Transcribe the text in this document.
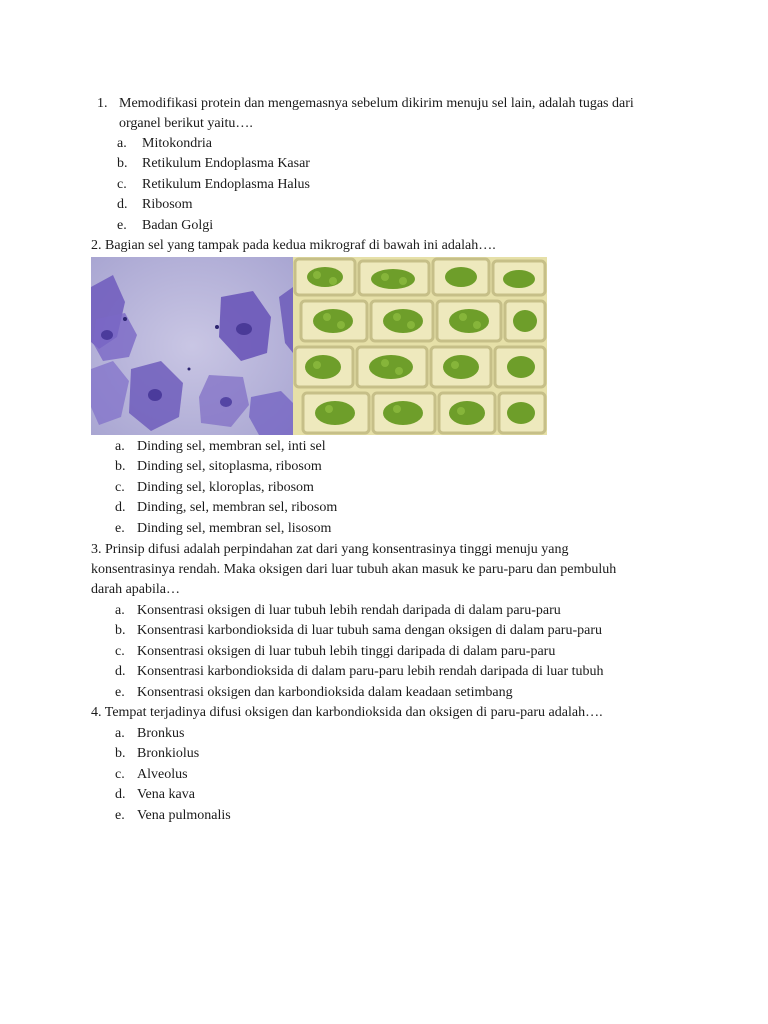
1. Memodifikasi protein dan mengemasnya sebelum dikirim menuju sel lain, adalah tugas dari
organel berikut yaitu….
a. Mitokondria
b. Retikulum Endoplasma Kasar
c. Retikulum Endoplasma Halus
d. Ribosom
e. Badan Golgi
2. Bagian sel yang tampak pada kedua mikrograf di bawah ini adalah….
a. Dinding sel, membran sel, inti sel
b. Dinding sel, sitoplasma, ribosom
c. Dinding sel, kloroplas, ribosom
d. Dinding, sel, membran sel, ribosom
e. Dinding sel, membran sel, lisosom
3. Prinsip difusi adalah perpindahan zat dari yang konsentrasinya tinggi menuju yang
konsentrasinya rendah. Maka oksigen dari luar tubuh akan masuk ke paru-paru dan pembuluh
darah apabila…
a. Konsentrasi oksigen di luar tubuh lebih rendah daripada di dalam paru-paru
b. Konsentrasi karbondioksida di luar tubuh sama dengan oksigen di dalam paru-paru
c. Konsentrasi oksigen di luar tubuh lebih tinggi daripada di dalam paru-paru
d. Konsentrasi karbondioksida di dalam paru-paru lebih rendah daripada di luar tubuh
e. Konsentrasi oksigen dan karbondioksida dalam keadaan setimbang
4. Tempat terjadinya difusi oksigen dan karbondioksida dan oksigen di paru-paru adalah….
a. Bronkus
b. Bronkiolus
c. Alveolus
d. Vena kava
e. Vena pulmonalis
